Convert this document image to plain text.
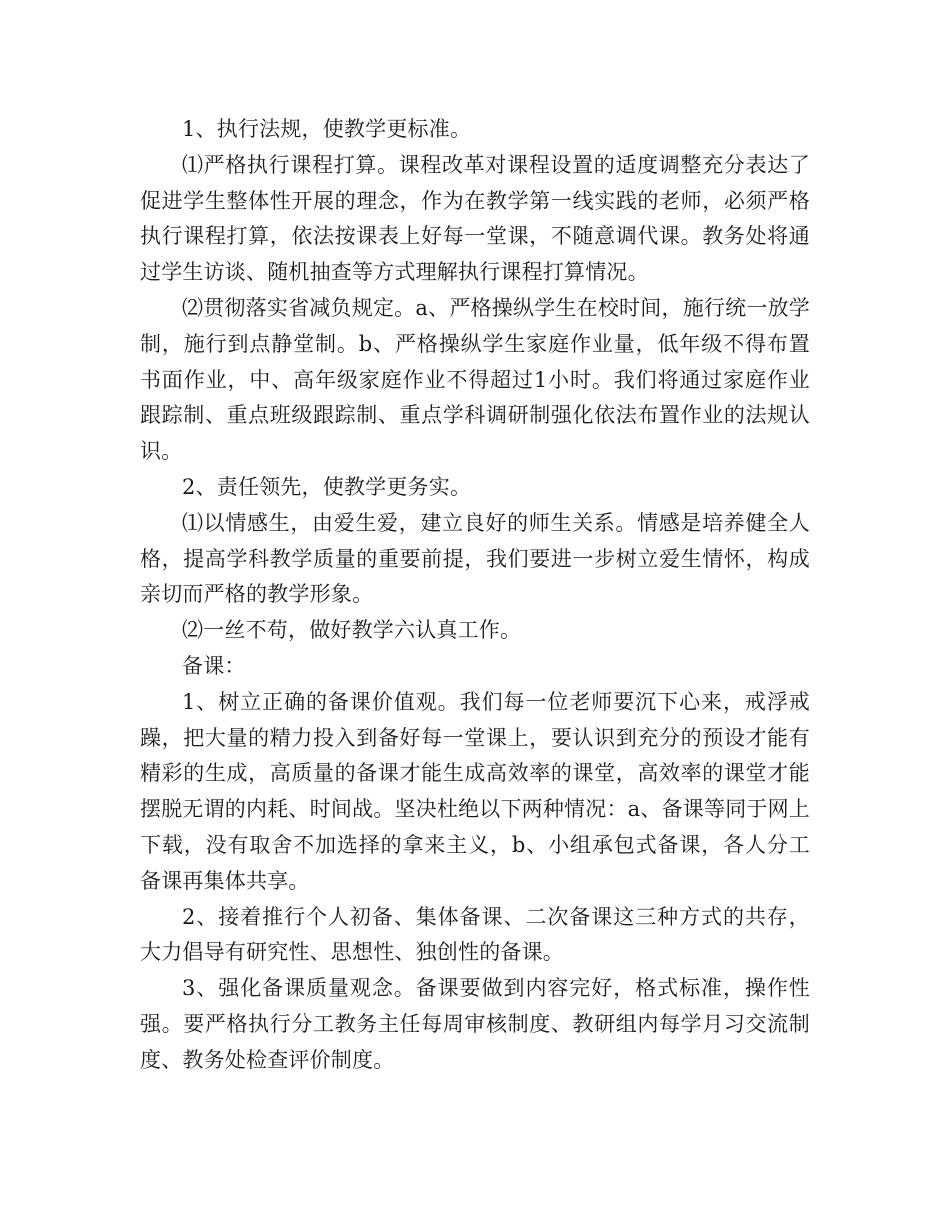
1、执行法规，使教学更标准。

⑴严格执行课程打算。课程改革对课程设置的适度调整充分表达了促进学生整体性开展的理念，作为在教学第一线实践的老师，必须严格执行课程打算，依法按课表上好每一堂课，不随意调代课。教务处将通过学生访谈、随机抽查等方式理解执行课程打算情况。

⑵贯彻落实省减负规定。a、严格操纵学生在校时间，施行统一放学制，施行到点静堂制。b、严格操纵学生家庭作业量，低年级不得布置书面作业，中、高年级家庭作业不得超过1小时。我们将通过家庭作业跟踪制、重点班级跟踪制、重点学科调研制强化依法布置作业的法规认识。

2、责任领先，使教学更务实。

⑴以情感生，由爱生爱，建立良好的师生关系。情感是培养健全人格，提高学科教学质量的重要前提，我们要进一步树立爱生情怀，构成亲切而严格的教学形象。

⑵一丝不苟，做好教学六认真工作。

备课：

1、树立正确的备课价值观。我们每一位老师要沉下心来，戒浮戒躁，把大量的精力投入到备好每一堂课上，要认识到充分的预设才能有精彩的生成，高质量的备课才能生成高效率的课堂，高效率的课堂才能摆脱无谓的内耗、时间战。坚决杜绝以下两种情况：a、备课等同于网上下载，没有取舍不加选择的拿来主义，b、小组承包式备课，各人分工备课再集体共享。

2、接着推行个人初备、集体备课、二次备课这三种方式的共存，大力倡导有研究性、思想性、独创性的备课。

3、强化备课质量观念。备课要做到内容完好，格式标准，操作性强。要严格执行分工教务主任每周审核制度、教研组内每学月习交流制度、教务处检查评价制度。
